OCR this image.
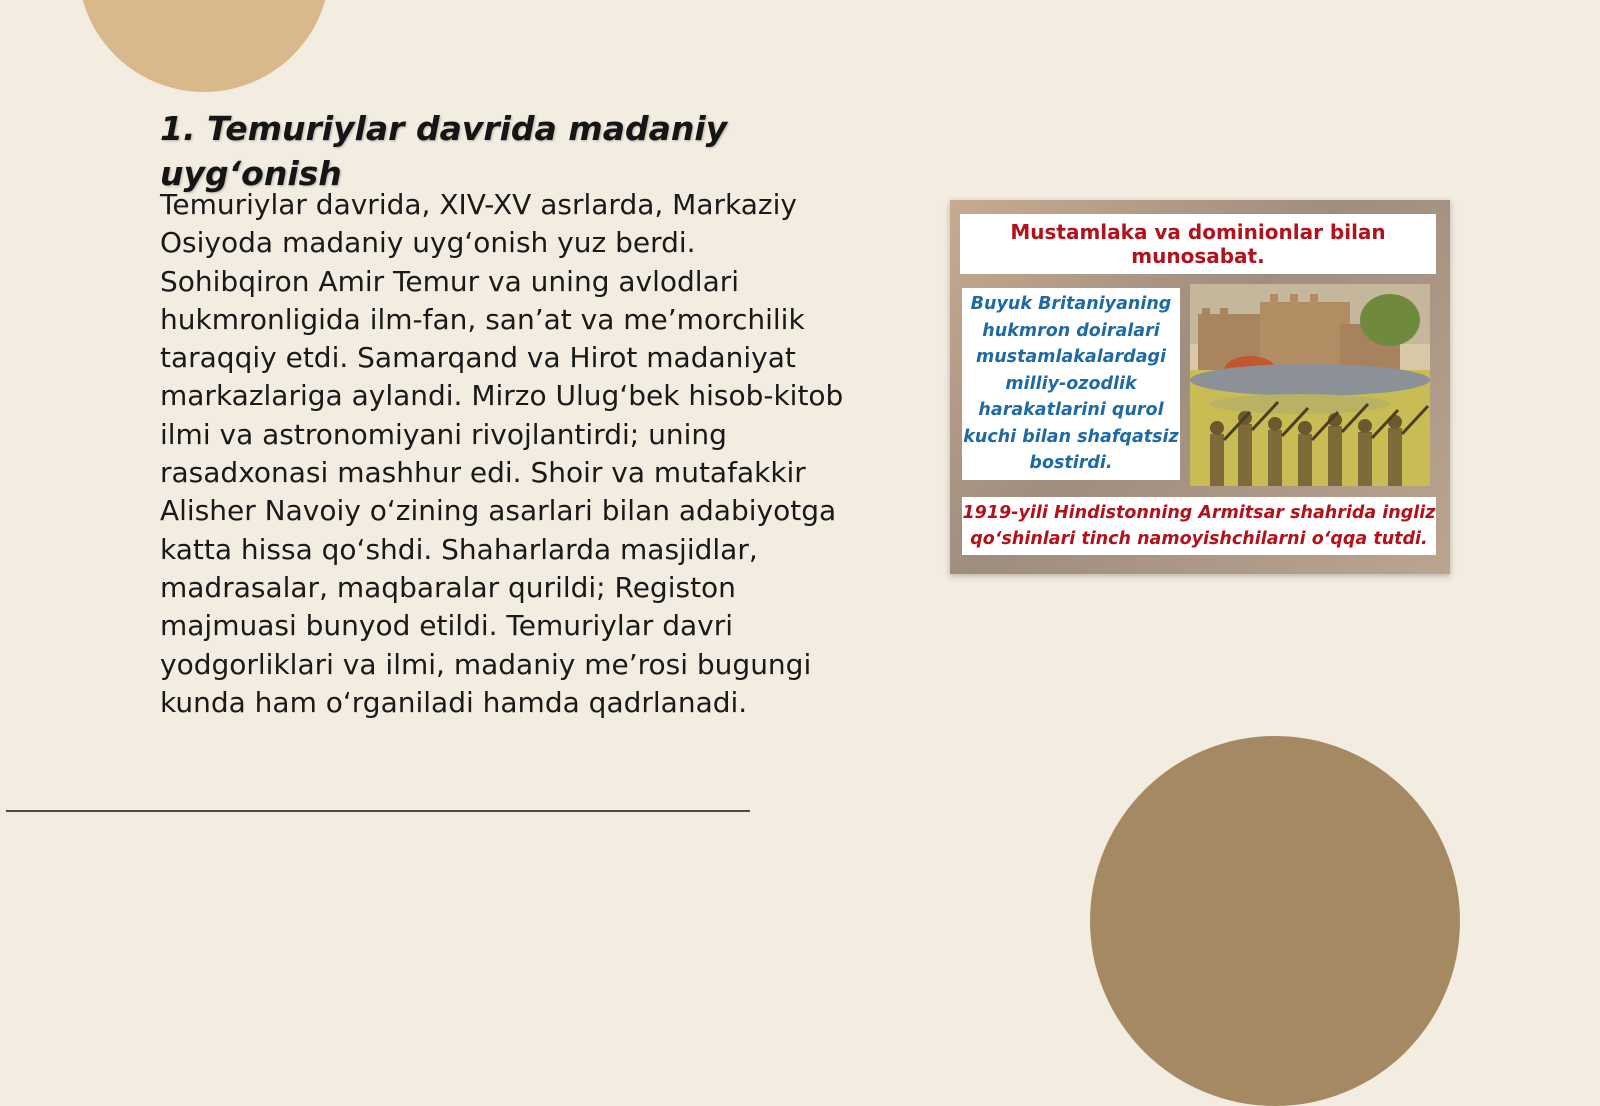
1. Temuriylar davrida madaniy uyg‘onish

Temuriylar davrida, XIV-XV asrlarda, Markaziy Osiyoda madaniy uyg‘onish yuz berdi. Sohibqiron Amir Temur va uning avlodlari hukmronligida ilm-fan, san’at va me’morchilik taraqqiy etdi. Samarqand va Hirot madaniyat markazlariga aylandi. Mirzo Ulug‘bek hisob-kitob ilmi va astronomiyani rivojlantirdi; uning rasadxonasi mashhur edi. Shoir va mutafakkir Alisher Navoiy o‘zining asarlari bilan adabiyotga katta hissa qo‘shdi. Shaharlarda masjidlar, madrasalar, maqbaralar qurildi; Registon majmuasi bunyod etildi. Temuriylar davri yodgorliklari va ilmi, madaniy me’rosi bugungi kunda ham o‘rganiladi hamda qadrlanadi.

Mustamlaka va dominionlar bilan munosabat.
Buyuk Britaniyaning hukmron doiralari mustamlakalardagi milliy-ozodlik harakatlarini qurol kuchi bilan shafqatsiz bostirdi.
1919-yili Hindistonning Armitsar shahrida ingliz qo‘shinlari tinch namoyishchilarni o‘qqa tutdi.
